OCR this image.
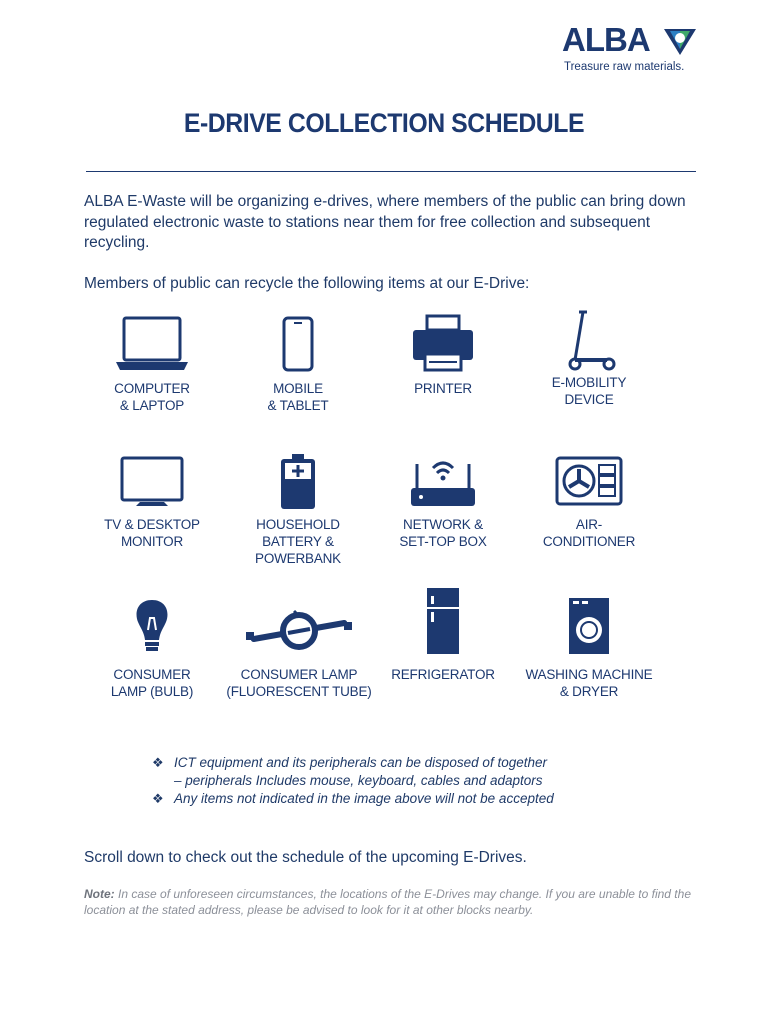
ALBA
Treasure raw materials.
E-DRIVE COLLECTION SCHEDULE
ALBA E-Waste will be organizing e-drives, where members of the public can bring down regulated electronic waste to stations near them for free collection and subsequent recycling.
Members of public can recycle the following items at our E-Drive:
COMPUTER
& LAPTOP
MOBILE
& TABLET
PRINTER	E-MOBILITY
DEVICE
TV & DESKTOP
MONITOR
HOUSEHOLD
BATTERY &
POWERBANK
NETWORK &
SET-TOP BOX
AIR-
CONDITIONER
CONSUMER
LAMP (BULB)
CONSUMER LAMP
(FLUORESCENT TUBE)
REFRIGERATOR	WASHING MACHINE
& DRYER
❖ ICT equipment and its peripherals can be disposed of together
– peripherals Includes mouse, keyboard, cables and adaptors
❖ Any items not indicated in the image above will not be accepted
Scroll down to check out the schedule of the upcoming E-Drives.
Note: In case of unforeseen circumstances, the locations of the E-Drives may change. If you are unable to find the location at the stated address, please be advised to look for it at other blocks nearby.
